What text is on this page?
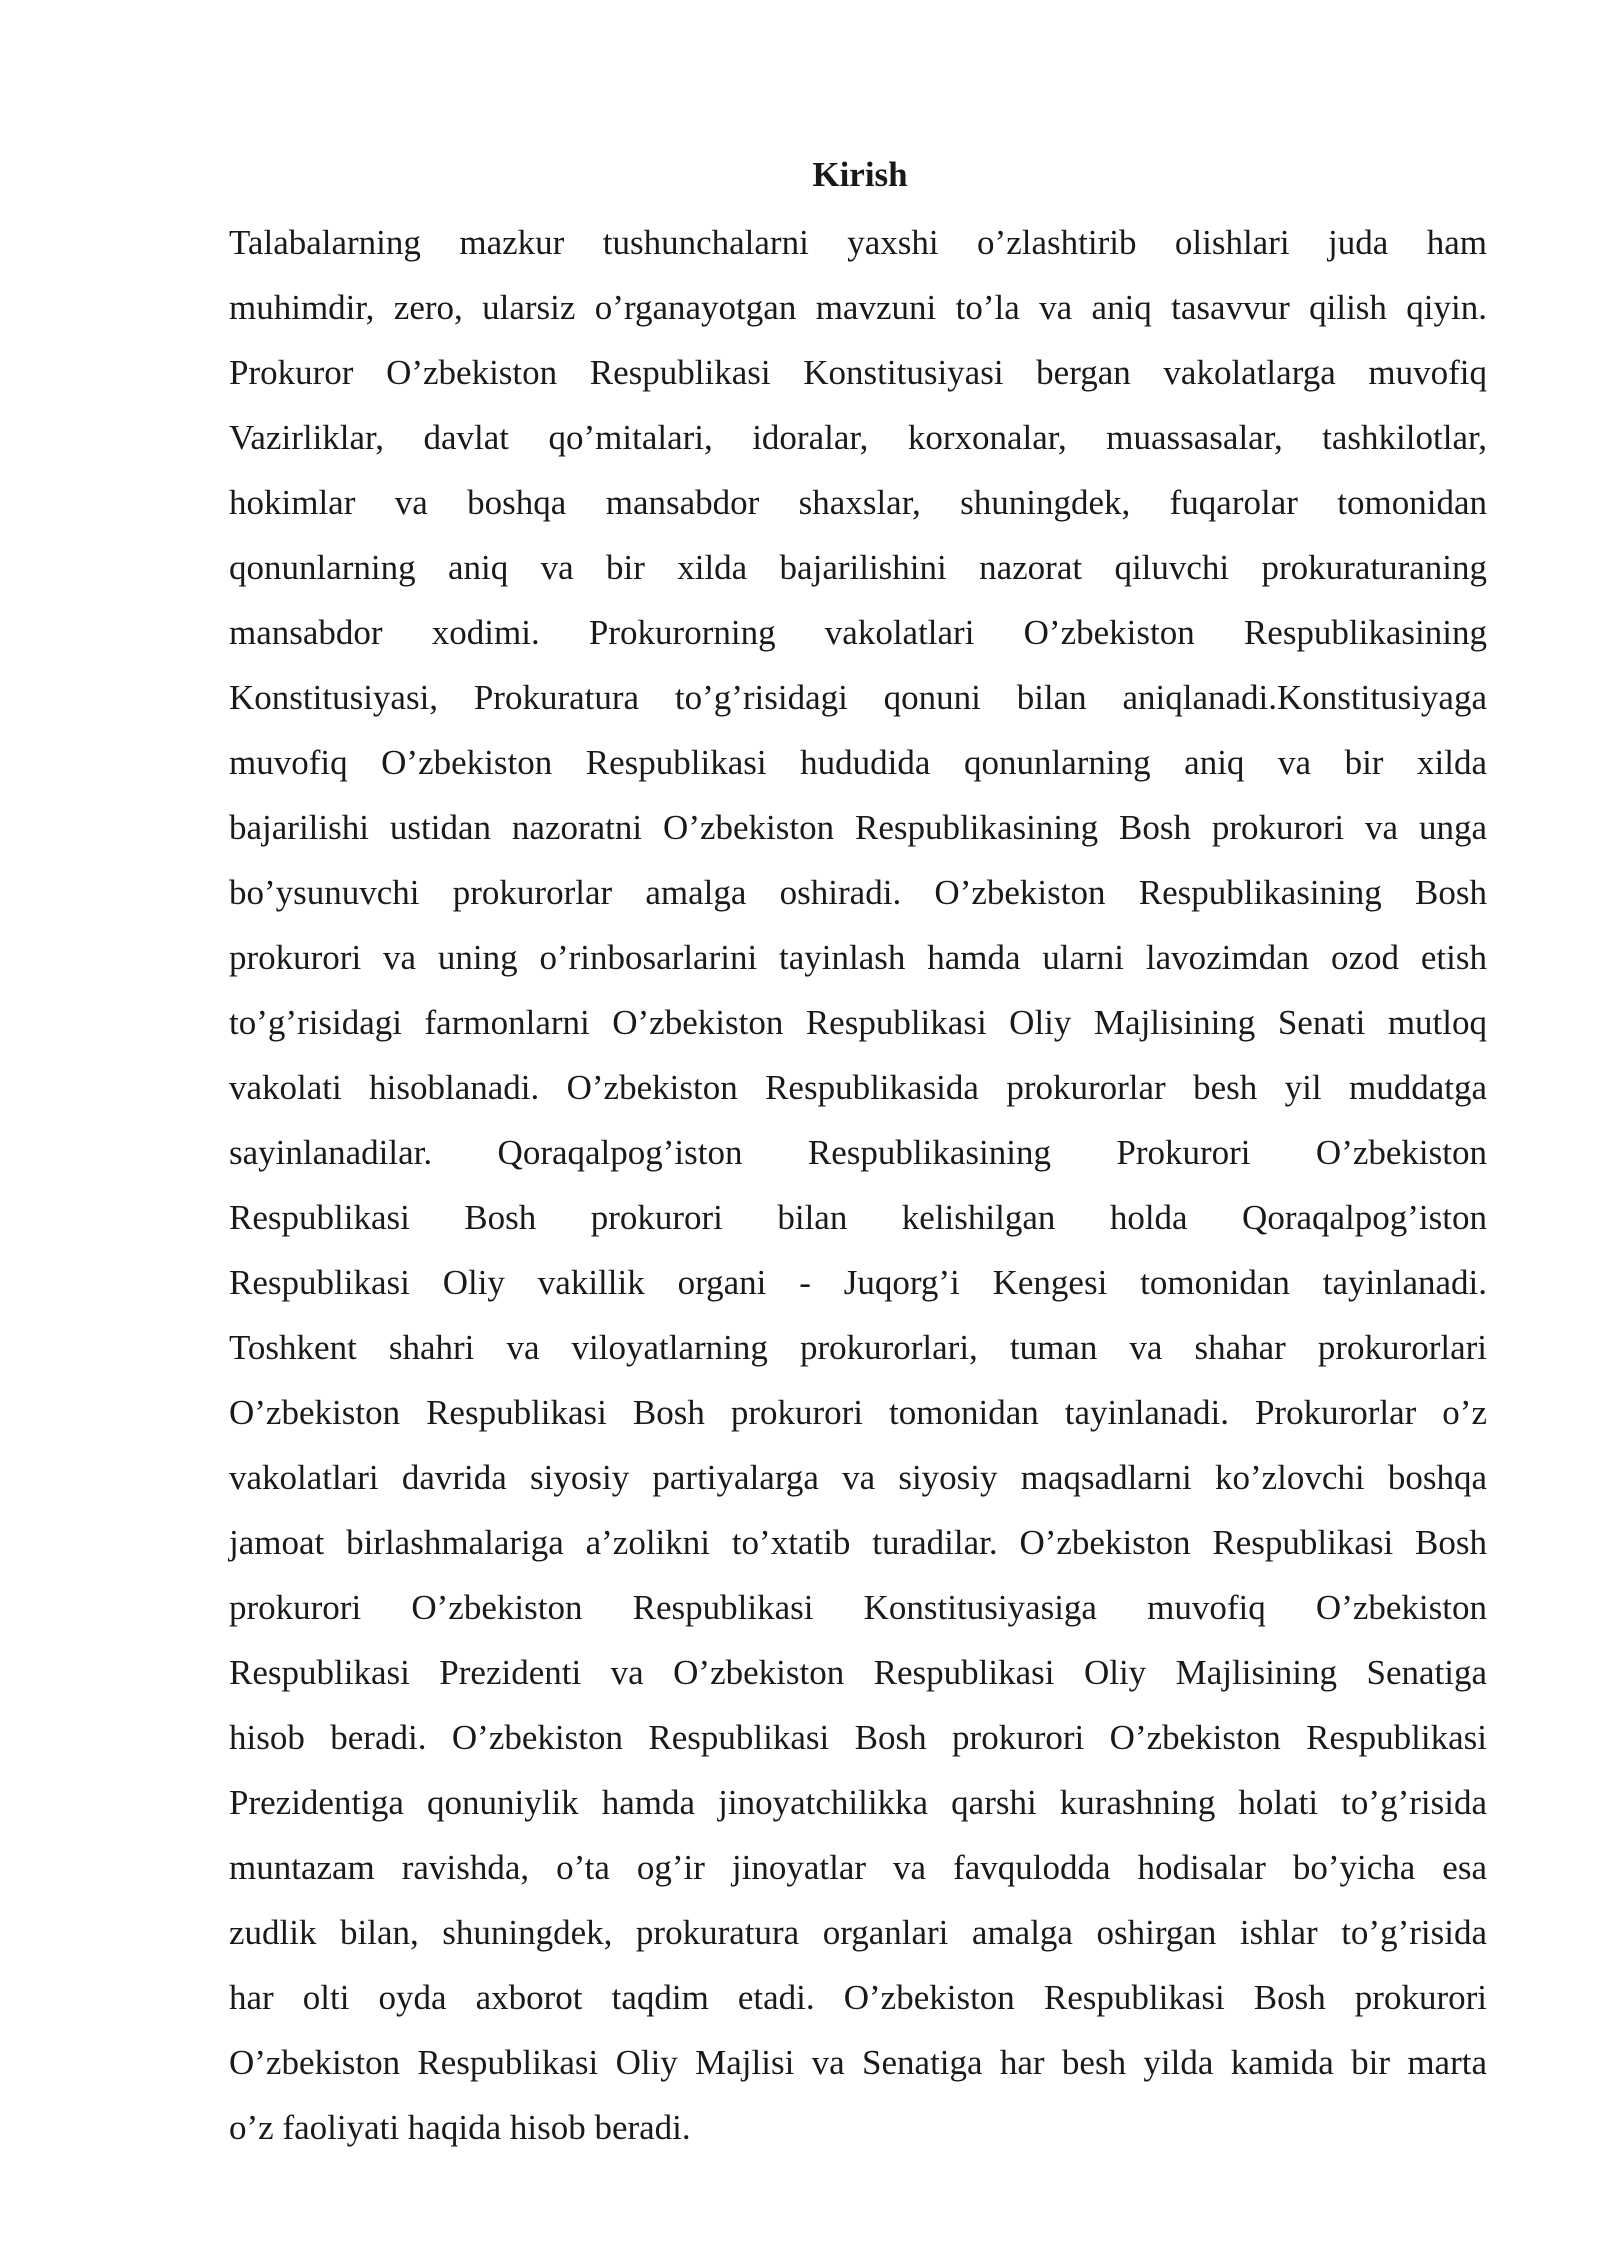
Kirish
Talabalarning mazkur tushunchalarni yaxshi o’zlashtirib olishlari juda ham
muhimdir, zero, ularsiz o’rganayotgan mavzuni to’la va aniq tasavvur qilish qiyin.
Prokuror O’zbekiston Respublikasi Konstitusiyasi bergan vakolatlarga muvofiq
Vazirliklar, davlat qo’mitalari, idoralar, korxonalar, muassasalar, tashkilotlar,
hokimlar va boshqa mansabdor shaxslar, shuningdek, fuqarolar tomonidan
qonunlarning aniq va bir xilda bajarilishini nazorat qiluvchi prokuraturaning
mansabdor xodimi. Prokurorning vakolatlari O’zbekiston Respublikasining
Konstitusiyasi, Prokuratura to’g’risidagi qonuni bilan aniqlanadi.Konstitusiyaga
muvofiq O’zbekiston Respublikasi hududida qonunlarning aniq va bir xilda
bajarilishi ustidan nazoratni O’zbekiston Respublikasining Bosh prokurori va unga
bo’ysunuvchi prokurorlar amalga oshiradi. O’zbekiston Respublikasining Bosh
prokurori va uning o’rinbosarlarini tayinlash hamda ularni lavozimdan ozod etish
to’g’risidagi farmonlarni O’zbekiston Respublikasi Oliy Majlisining Senati mutloq
vakolati hisoblanadi. O’zbekiston Respublikasida prokurorlar besh yil muddatga
sayinlanadilar. Qoraqalpog’iston Respublikasining Prokurori O’zbekiston
Respublikasi Bosh prokurori bilan kelishilgan holda Qoraqalpog’iston
Respublikasi Oliy vakillik organi - Juqorg’i Kengesi tomonidan tayinlanadi.
Toshkent shahri va viloyatlarning prokurorlari, tuman va shahar prokurorlari
O’zbekiston Respublikasi Bosh prokurori tomonidan tayinlanadi. Prokurorlar o’z
vakolatlari davrida siyosiy partiyalarga va siyosiy maqsadlarni ko’zlovchi boshqa
jamoat birlashmalariga a’zolikni to’xtatib turadilar. O’zbekiston Respublikasi Bosh
prokurori O’zbekiston Respublikasi Konstitusiyasiga muvofiq O’zbekiston
Respublikasi Prezidenti va O’zbekiston Respublikasi Oliy Majlisining Senatiga
hisob beradi. O’zbekiston Respublikasi Bosh prokurori O’zbekiston Respublikasi
Prezidentiga qonuniylik hamda jinoyatchilikka qarshi kurashning holati to’g’risida
muntazam ravishda, o’ta og’ir jinoyatlar va favqulodda hodisalar bo’yicha esa
zudlik bilan, shuningdek, prokuratura organlari amalga oshirgan ishlar to’g’risida
har olti oyda axborot taqdim etadi. O’zbekiston Respublikasi Bosh prokurori
O’zbekiston Respublikasi Oliy Majlisi va Senatiga har besh yilda kamida bir marta
o’z faoliyati haqida hisob beradi.
